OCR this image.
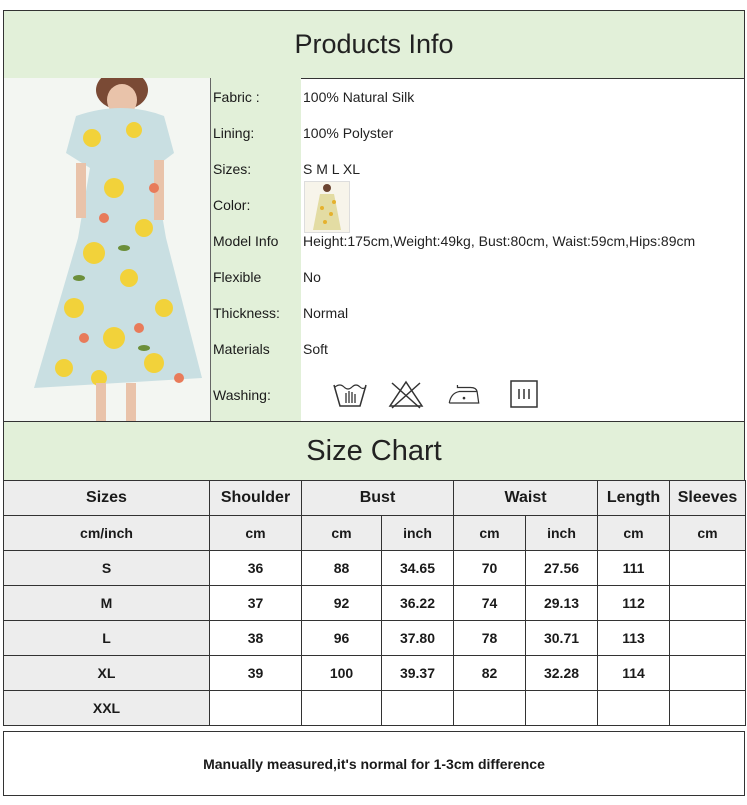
Products Info
Fabric :	100% Natural Silk
Lining:	100% Polyster
Sizes:	S M L XL
Color:
Model Info	Height:175cm,Weight:49kg, Bust:80cm, Waist:59cm,Hips:89cm
Flexible	No
Thickness:	Normal
Materials	Soft
Washing:
Size Chart
Sizes	Shoulder	Bust		Waist		Length	Sleeves
cm/inch	cm	cm	inch	cm	inch	cm	cm
S	36	88	34.65	70	27.56	111	
M	37	92	36.22	74	29.13	112	
L	38	96	37.80	78	30.71	113	
XL	39	100	39.37	82	32.28	114	
XXL							
Manually measured,it's normal for 1-3cm difference
